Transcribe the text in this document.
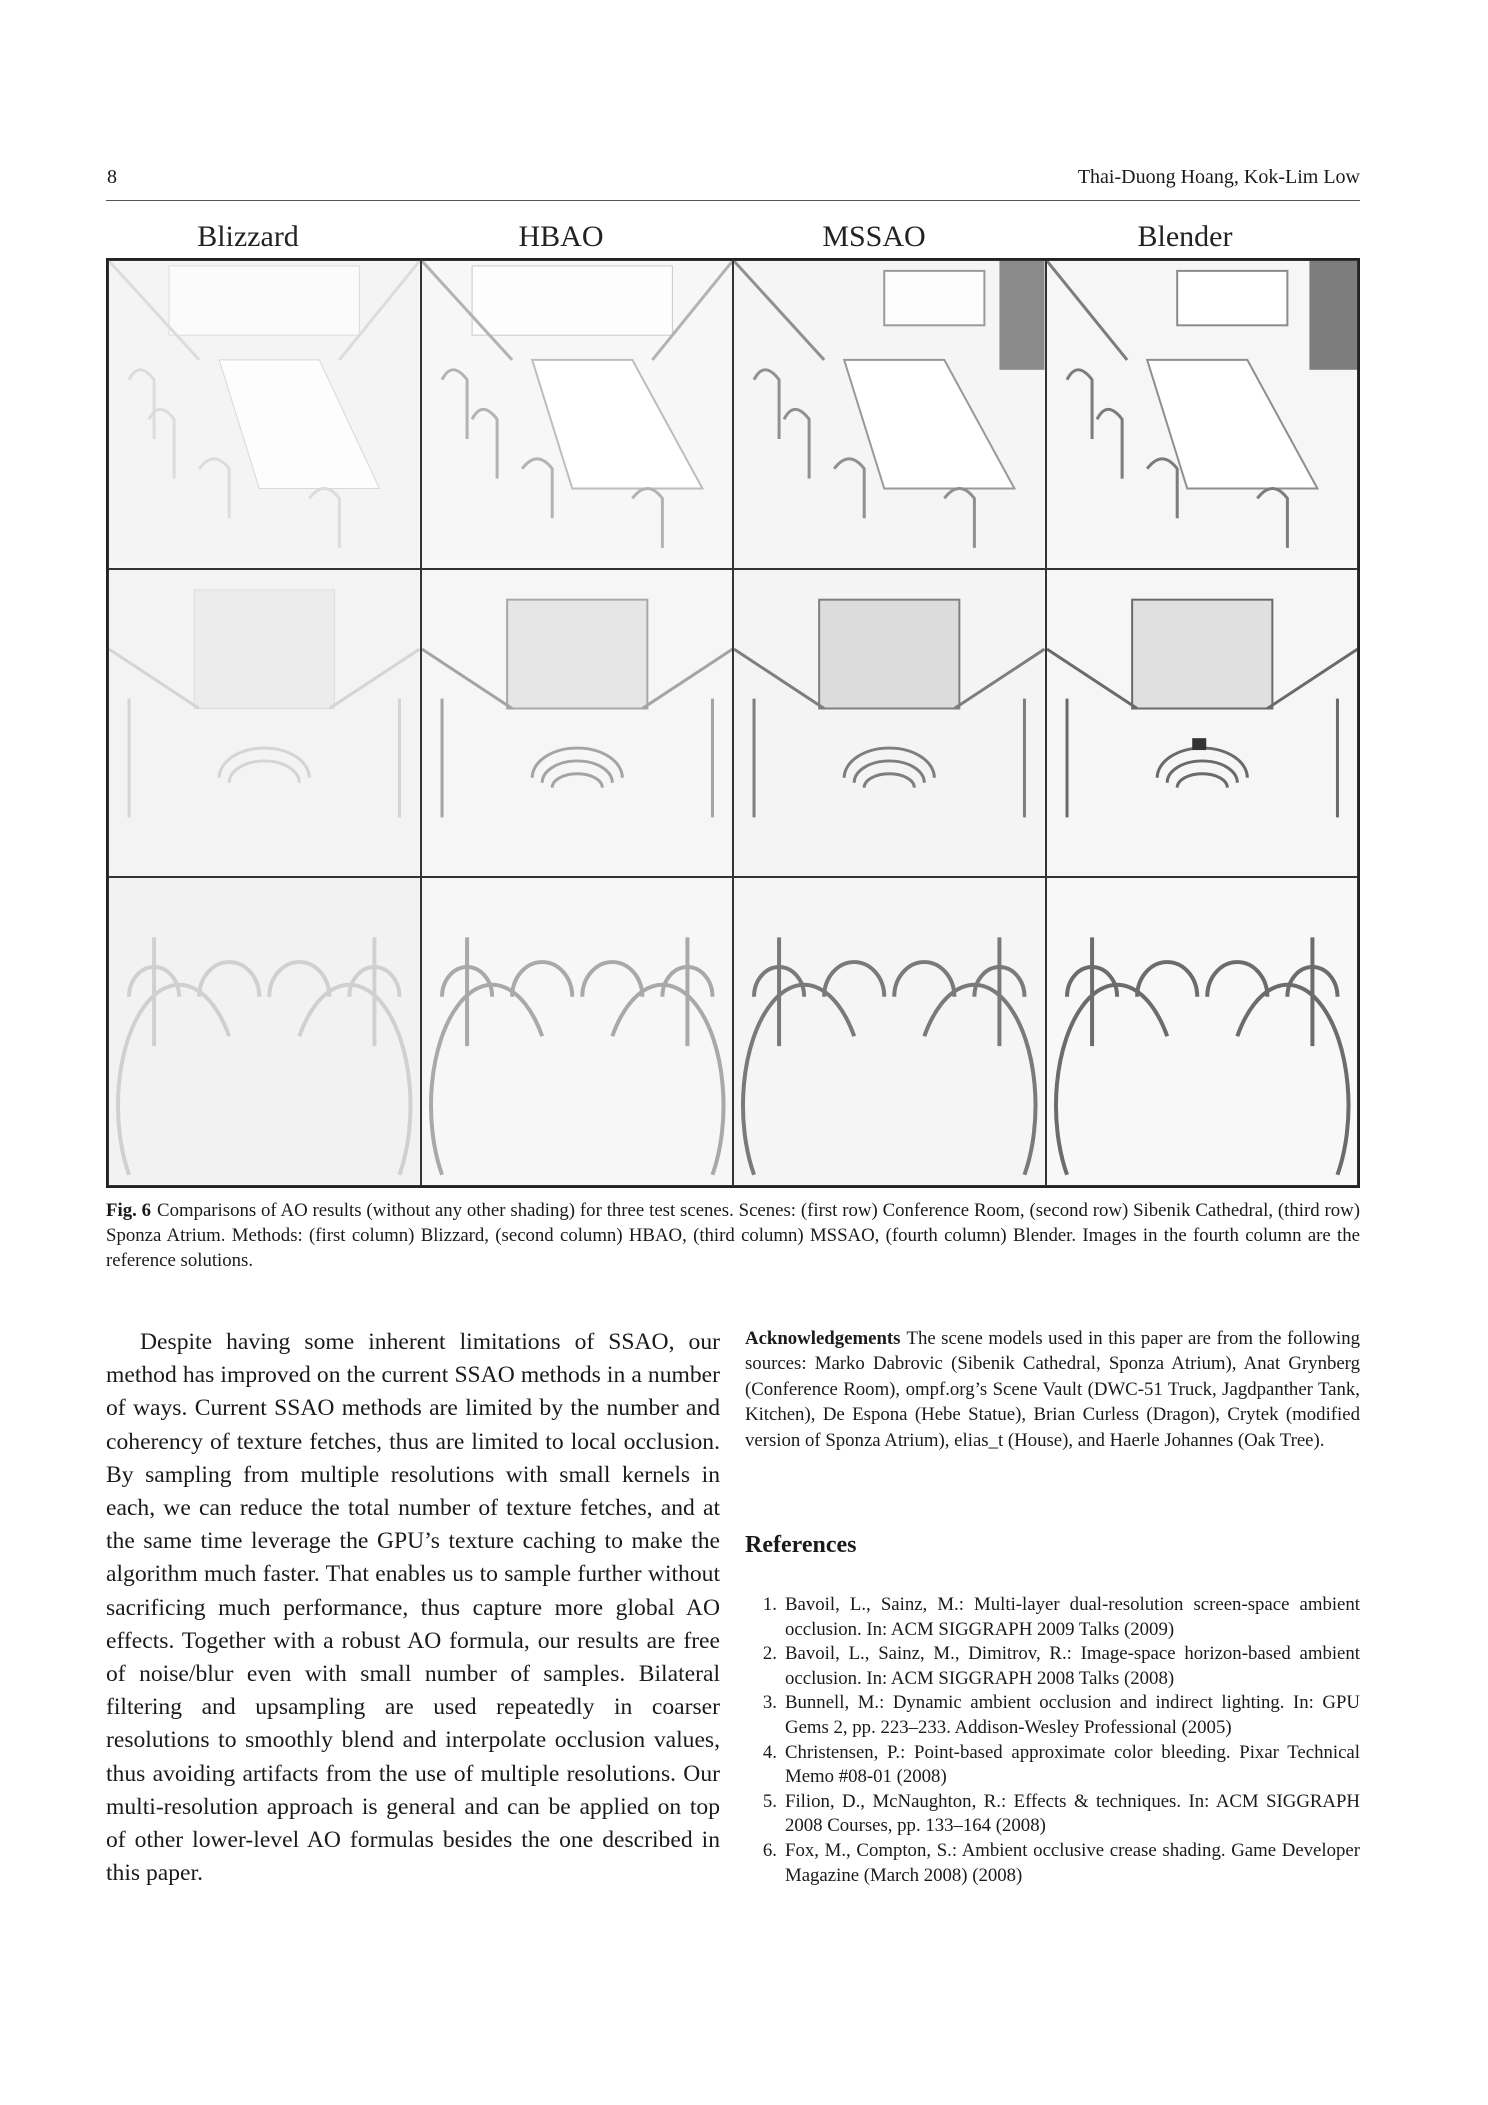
8	Thai-Duong Hoang, Kok-Lim Low
Blizzard	HBAO	MSSAO	Blender
Fig. 6 Comparisons of AO results (without any other shading) for three test scenes. Scenes: (first row) Conference Room, (second row) Sibenik Cathedral, (third row) Sponza Atrium. Methods: (first column) Blizzard, (second column) HBAO, (third column) MSSAO, (fourth column) Blender. Images in the fourth column are the reference solutions.
Despite having some inherent limitations of SSAO, our method has improved on the current SSAO methods in a number of ways. Current SSAO methods are limited by the number and coherency of texture fetches, thus are limited to local occlusion. By sampling from multiple resolutions with small kernels in each, we can reduce the total number of texture fetches, and at the same time leverage the GPU’s texture caching to make the algorithm much faster. That enables us to sample further without sacrificing much performance, thus capture more global AO effects. Together with a robust AO formula, our results are free of noise/blur even with small number of samples. Bilateral filtering and upsampling are used repeatedly in coarser resolutions to smoothly blend and interpolate occlusion values, thus avoiding artifacts from the use of multiple resolutions. Our multi-resolution approach is general and can be applied on top of other lower-level AO formulas besides the one described in this paper.
Acknowledgements The scene models used in this paper are from the following sources: Marko Dabrovic (Sibenik Cathedral, Sponza Atrium), Anat Grynberg (Conference Room), ompf.org’s Scene Vault (DWC-51 Truck, Jagdpanther Tank, Kitchen), De Espona (Hebe Statue), Brian Curless (Dragon), Crytek (modified version of Sponza Atrium), elias_t (House), and Haerle Johannes (Oak Tree).
References
1. Bavoil, L., Sainz, M.: Multi-layer dual-resolution screen-space ambient occlusion. In: ACM SIGGRAPH 2009 Talks (2009)
2. Bavoil, L., Sainz, M., Dimitrov, R.: Image-space horizon-based ambient occlusion. In: ACM SIGGRAPH 2008 Talks (2008)
3. Bunnell, M.: Dynamic ambient occlusion and indirect lighting. In: GPU Gems 2, pp. 223–233. Addison-Wesley Professional (2005)
4. Christensen, P.: Point-based approximate color bleeding. Pixar Technical Memo #08-01 (2008)
5. Filion, D., McNaughton, R.: Effects & techniques. In: ACM SIGGRAPH 2008 Courses, pp. 133–164 (2008)
6. Fox, M., Compton, S.: Ambient occlusive crease shading. Game Developer Magazine (March 2008) (2008)
